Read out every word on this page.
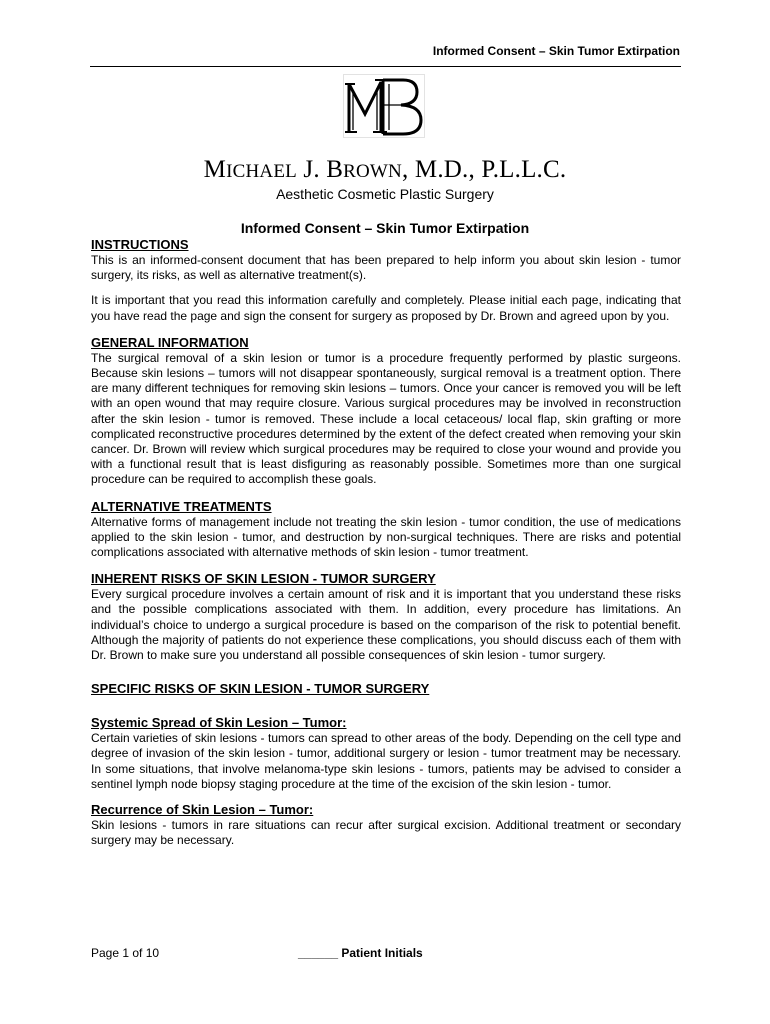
Informed Consent – Skin Tumor Extirpation
MICHAEL J. BROWN, M.D., P.L.L.C.
Aesthetic Cosmetic Plastic Surgery
Informed Consent – Skin Tumor Extirpation
INSTRUCTIONS

This is an informed-consent document that has been prepared to help inform you about skin lesion - tumor surgery, its risks, as well as alternative treatment(s).

It is important that you read this information carefully and completely. Please initial each page, indicating that you have read the page and sign the consent for surgery as proposed by Dr. Brown and agreed upon by you.

GENERAL INFORMATION

The surgical removal of a skin lesion or tumor is a procedure frequently performed by plastic surgeons. Because skin lesions – tumors will not disappear spontaneously, surgical removal is a treatment option. There are many different techniques for removing skin lesions – tumors. Once your cancer is removed you will be left with an open wound that may require closure. Various surgical procedures may be involved in reconstruction after the skin lesion - tumor is removed. These include a local cetaceous/ local flap, skin grafting or more complicated reconstructive procedures determined by the extent of the defect created when removing your skin cancer. Dr. Brown will review which surgical procedures may be required to close your wound and provide you with a functional result that is least disfiguring as reasonably possible. Sometimes more than one surgical procedure can be required to accomplish these goals.

ALTERNATIVE TREATMENTS

Alternative forms of management include not treating the skin lesion - tumor condition, the use of medications applied to the skin lesion - tumor, and destruction by non-surgical techniques. There are risks and potential complications associated with alternative methods of skin lesion - tumor treatment.

INHERENT RISKS OF SKIN LESION - TUMOR SURGERY

Every surgical procedure involves a certain amount of risk and it is important that you understand these risks and the possible complications associated with them. In addition, every procedure has limitations. An individual’s choice to undergo a surgical procedure is based on the comparison of the risk to potential benefit. Although the majority of patients do not experience these complications, you should discuss each of them with Dr. Brown to make sure you understand all possible consequences of skin lesion - tumor surgery.

SPECIFIC RISKS OF SKIN LESION - TUMOR SURGERY
Systemic Spread of Skin Lesion – Tumor:

Certain varieties of skin lesions - tumors can spread to other areas of the body. Depending on the cell type and degree of invasion of the skin lesion - tumor, additional surgery or lesion - tumor treatment may be necessary. In some situations, that involve melanoma-type skin lesions - tumors, patients may be advised to consider a sentinel lymph node biopsy staging procedure at the time of the excision of the skin lesion - tumor.

Recurrence of Skin Lesion – Tumor:

Skin lesions - tumors in rare situations can recur after surgical excision. Additional treatment or secondary surgery may be necessary.

Page 1 of 10	______ Patient Initials
